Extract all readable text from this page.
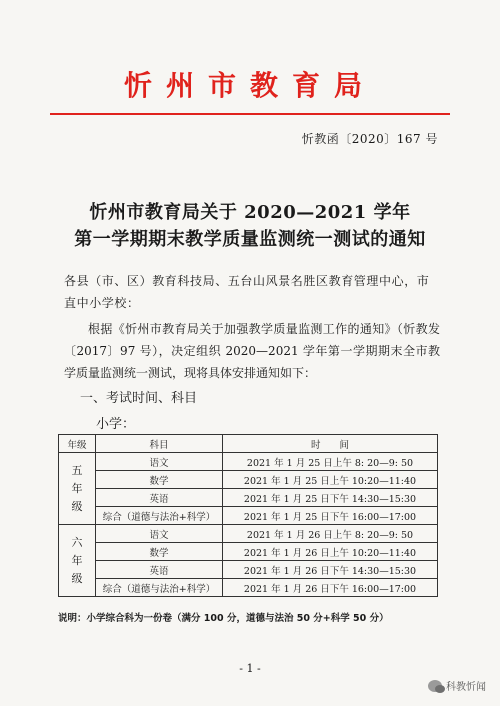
忻州市教育局
忻教函〔2020〕167 号
忻州市教育局关于 2020—2021 学年
第一学期期末教学质量监测统一测试的通知
各县（市、区）教育科技局、五台山风景名胜区教育管理中心，市直中小学校：
根据《忻州市教育局关于加强教学质量监测工作的通知》（忻教发〔2017〕97 号），决定组织 2020—2021 学年第一学期期末全市教学质量监测统一测试，现将具体安排通知如下：
一、考试时间、科目
小学：
年级	科目	时　　间

五
年
级	语文	2021 年 1 月 25 日上午 8: 20—9: 50
	数学	2021 年 1 月 25 日上午 10:20—11:40
	英语	2021 年 1 月 25 日下午 14:30—15:30
	综合（道德与法治+科学）	2021 年 1 月 25 日下午 16:00—17:00

六
年
级	语文	2021 年 1 月 26 日上午 8: 20—9: 50
	数学	2021 年 1 月 26 日上午 10:20—11:40
	英语	2021 年 1 月 26 日下午 14:30—15:30
	综合（道德与法治+科学）	2021 年 1 月 26 日下午 16:00—17:00
说明：小学综合科为一份卷（满分 100 分，道德与法治 50 分+科学 50 分）
- 1 -
科教忻闻
